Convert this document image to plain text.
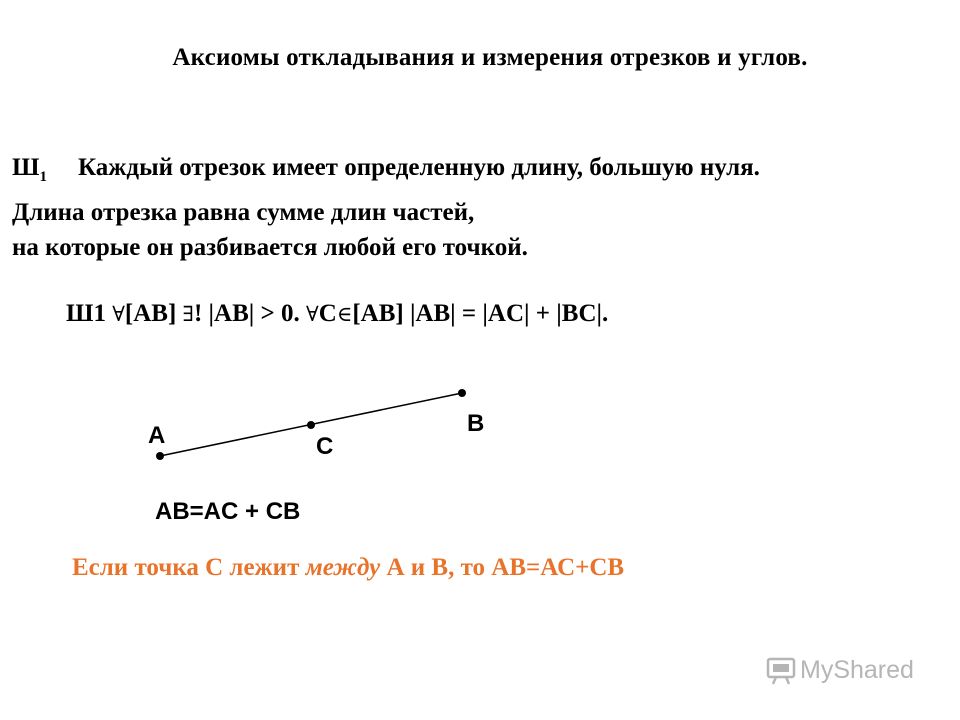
Аксиомы откладывания и измерения отрезков и углов.
$Ш_1$ Каждый отрезок имеет определенную длину, большую нуля.
Длина отрезка равна сумме длин частей,
на которые он разбивается любой его точкой.
Ш1 ∀[AB] ∃! |AB| > 0. ∀C∈[AB] |AB| = |AC| + |BC|.
A	C
B
AB=AC + CB
Если точка С лежит между А и В, то АВ=АС+СВ
MyShared
